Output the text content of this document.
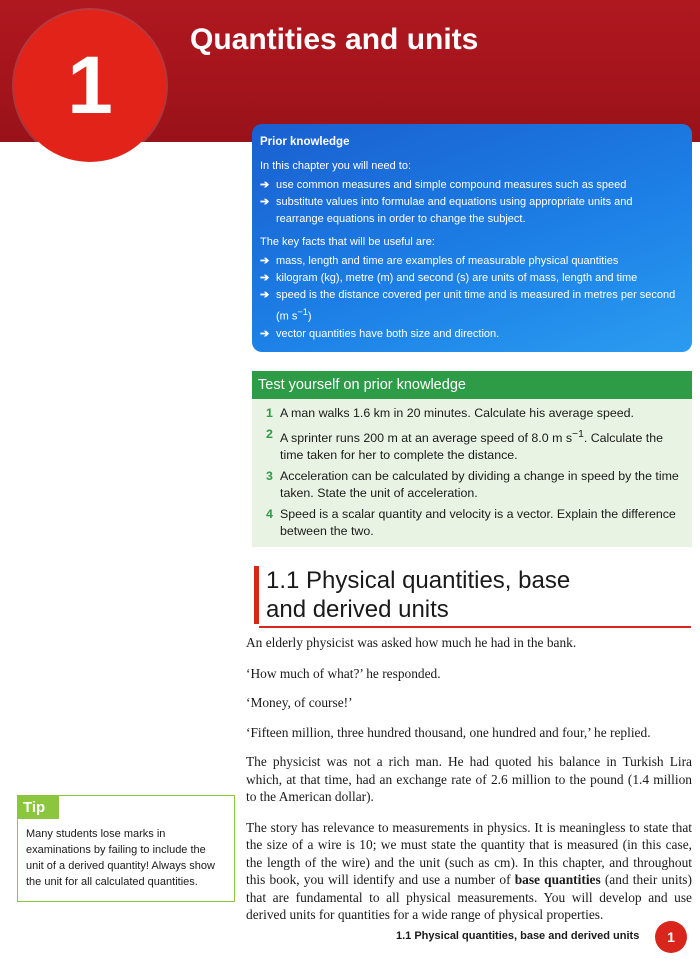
1
Quantities and units
Prior knowledge

In this chapter you will need to:

➔ use common measures and simple compound measures such as speed
➔ substitute values into formulae and equations using appropriate units and rearrange equations in order to change the subject.

The key facts that will be useful are:

➔ mass, length and time are examples of measurable physical quantities
➔ kilogram (kg), metre (m) and second (s) are units of mass, length and time
➔ speed is the distance covered per unit time and is measured in metres per second (m $s^{-1}$)
➔ vector quantities have both size and direction.
Test yourself on prior knowledge
1 A man walks 1.6 km in 20 minutes. Calculate his average speed.
2 A sprinter runs 200 m at an average speed of 8.0 m $s^{-1}$. Calculate the time taken for her to complete the distance.
3 Acceleration can be calculated by dividing a change in speed by the time taken. State the unit of acceleration.
4 Speed is a scalar quantity and velocity is a vector. Explain the difference between the two.
1.1 Physical quantities, base
and derived units

An elderly physicist was asked how much he had in the bank.

‘How much of what?’ he responded.

‘Money, of course!’

‘Fifteen million, three hundred thousand, one hundred and four,’ he replied.

The physicist was not a rich man. He had quoted his balance in Turkish Lira which, at that time, had an exchange rate of 2.6 million to the pound (1.4 million to the American dollar).

The story has relevance to measurements in physics. It is meaningless to state that the size of a wire is 10; we must state the quantity that is measured (in this case, the length of the wire) and the unit (such as cm). In this chapter, and throughout this book, you will identify and use a number of base quantities (and their units) that are fundamental to all physical measurements. You will develop and use derived units for quantities for a wide range of physical properties.

Tip

Many students lose marks in examinations by failing to include the unit of a derived quantity! Always show the unit for all calculated quantities.

1.1 Physical quantities, base and derived units 1
